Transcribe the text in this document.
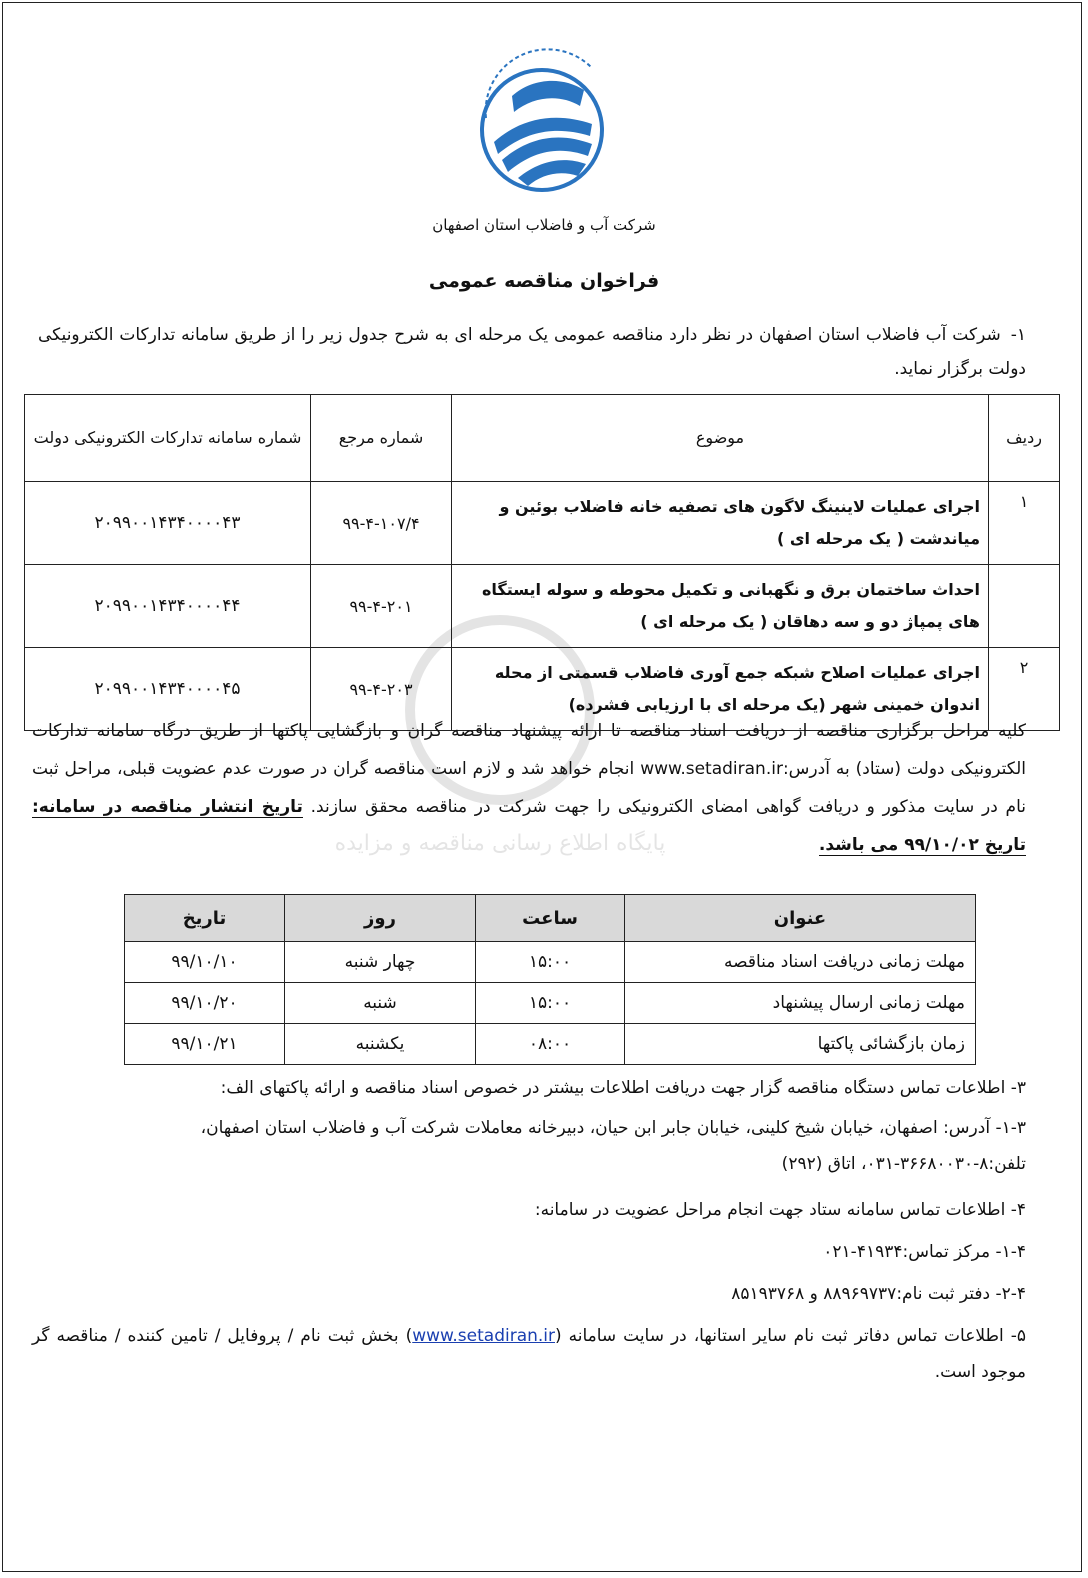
شرکت آب و فاضلاب استان اصفهان
فراخوان مناقصه عمومی
۱-شرکت آب فاضلاب استان اصفهان در نظر دارد مناقصه عمومی یک مرحله ای به شرح جدول زیر را از طریق سامانه تدارکات الکترونیکی دولت برگزار نماید.
ردیف	موضوع	شماره مرجع	شماره سامانه تدارکات الکترونیکی دولت
۱	اجرای عملیات لاینینگ لاگون های تصفیه خانه فاضلاب بوئین و میاندشت ( یک مرحله ای )	۹۹-۴-۱۰۷/۴	۲۰۹۹۰۰۱۴۳۴۰۰۰۰۴۳
	احداث ساختمان برق و نگهبانی و تکمیل محوطه و سوله ایستگاه های پمپاژ دو و سه دهاقان ( یک مرحله ای )	۹۹-۴-۲۰۱	۲۰۹۹۰۰۱۴۳۴۰۰۰۰۴۴
۲	اجرای عملیات اصلاح شبکه جمع آوری فاضلاب قسمتی از محله اندوان خمینی شهر (یک مرحله ای با ارزیابی فشرده)	۹۹-۴-۲۰۳	۲۰۹۹۰۰۱۴۳۴۰۰۰۰۴۵
پایگاه اطلاع رسانی مناقصه و مزایده
کلیه مراحل برگزاری مناقصه از دریافت اسناد مناقصه تا ارائه پیشنهاد مناقصه گران و بازگشایی پاکتها از طریق درگاه سامانه تدارکات الکترونیکی دولت (ستاد) به آدرس:www.setadiran.ir انجام خواهد شد و لازم است مناقصه گران در صورت عدم عضویت قبلی، مراحل ثبت نام در سایت مذکور و دریافت گواهی امضای الکترونیکی را جهت شرکت در مناقصه محقق سازند. تاریخ انتشار مناقصه در سامانه: تاریخ ۹۹/۱۰/۰۲ می باشد.
عنوان	ساعت	روز	تاریخ
مهلت زمانی دریافت اسناد مناقصه	۱۵:۰۰	چهار شنبه	۹۹/۱۰/۱۰
مهلت زمانی ارسال پیشنهاد	۱۵:۰۰	شنبه	۹۹/۱۰/۲۰
زمان بازگشائی پاکتها	۰۸:۰۰	یکشنبه	۹۹/۱۰/۲۱
۳- اطلاعات تماس دستگاه مناقصه گزار جهت دریافت اطلاعات بیشتر در خصوص اسناد مناقصه و ارائه پاکتهای الف:
۱-۳- آدرس: اصفهان، خیابان شیخ کلینی، خیابان جابر ابن حیان، دبیرخانه معاملات شرکت آب و فاضلاب استان اصفهان،
تلفن:۸-۳۶۶۸۰۰۳۰-۰۳۱، اتاق (۲۹۲)
۴- اطلاعات تماس سامانه ستاد جهت انجام مراحل عضویت در سامانه:
۱-۴- مرکز تماس:۴۱۹۳۴-۰۲۱
۲-۴- دفتر ثبت نام:۸۸۹۶۹۷۳۷ و ۸۵۱۹۳۷۶۸
۵- اطلاعات تماس دفاتر ثبت نام سایر استانها، در سایت سامانه (www.setadiran.ir) بخش ثبت نام / پروفایل / تامین کننده / مناقصه گر موجود است.
